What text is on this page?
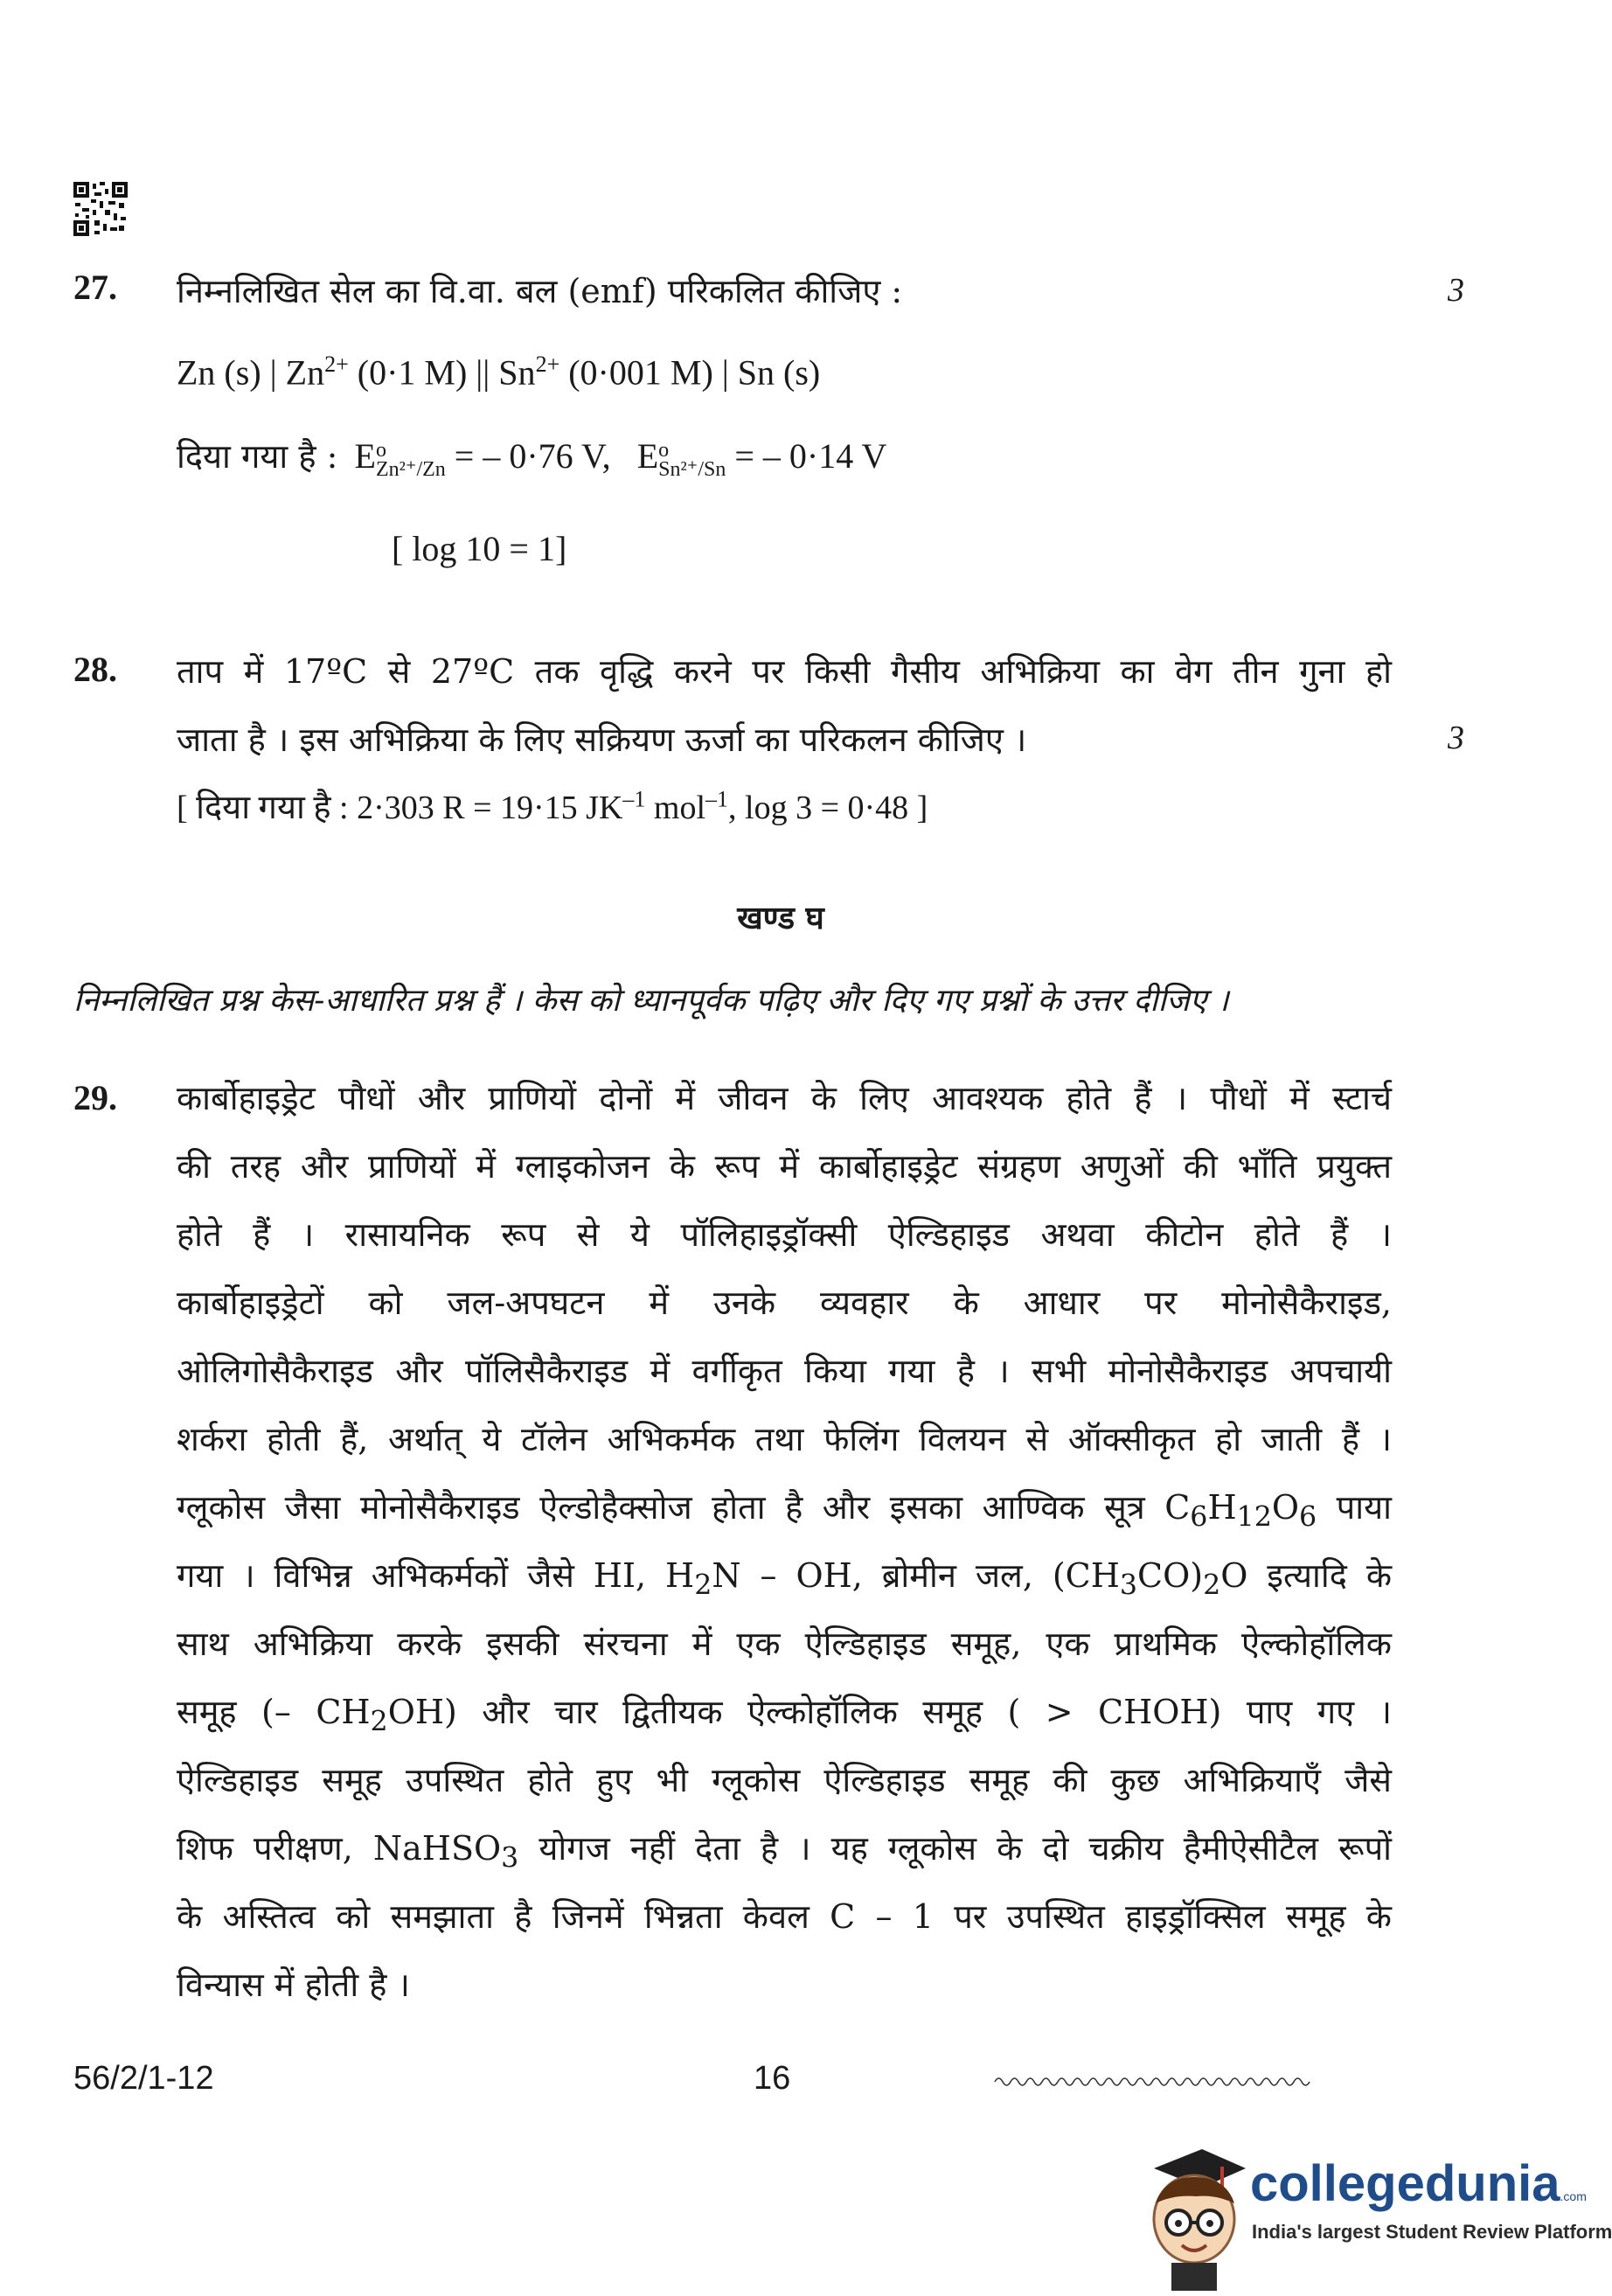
27. निम्नलिखित सेल का वि.वा. बल (emf) परिकलित कीजिए :	3
Zn (s) | $Zn^{2+}$ (0·1 M) || $Sn^{2+}$ (0·001 M) | Sn (s)
दिया गया है : E o
Zn²⁺/Zn = – 0·76 V, E o
Sn²⁺/Sn = – 0·14 V
[ log 10 = 1]
28. ताप में 17ºC से 27ºC तक वृद्धि करने पर किसी गैसीय अभिक्रिया का वेग तीन गुना हो
जाता है । इस अभिक्रिया के लिए सक्रियण ऊर्जा का परिकलन कीजिए ।	3
[ दिया गया है : 2·303 R = 19·15 $JK^{-1}$ mol$^{-1}$, log 3 = 0·48 ]
खण्ड घ
निम्नलिखित प्रश्न केस-आधारित प्रश्न हैं । केस को ध्यानपूर्वक पढ़िए और दिए गए प्रश्नों के उत्तर दीजिए ।
29. कार्बोहाइड्रेट पौधों और प्राणियों दोनों में जीवन के लिए आवश्यक होते हैं । पौधों में स्टार्च
की तरह और प्राणियों में ग्लाइकोजन के रूप में कार्बोहाइड्रेट संग्रहण अणुओं की भाँति प्रयुक्त
होते हैं । रासायनिक रूप से ये पॉलिहाइड्रॉक्सी ऐल्डिहाइड अथवा कीटोन होते हैं ।
कार्बोहाइड्रेटों को जल-अपघटन में उनके व्यवहार के आधार पर मोनोसैकैराइड,
ओलिगोसैकैराइड और पॉलिसैकैराइड में वर्गीकृत किया गया है । सभी मोनोसैकैराइड अपचायी
शर्करा होती हैं, अर्थात् ये टॉलेन अभिकर्मक तथा फेलिंग विलयन से ऑक्सीकृत हो जाती हैं ।
ग्लूकोस जैसा मोनोसैकैराइड ऐल्डोहैक्सोज होता है और इसका आण्विक सूत्र $C_6H_{12}O_6$ पाया
गया । विभिन्न अभिकर्मकों जैसे HI, $H_2N$ – OH, ब्रोमीन जल, $(CH_3CO)_2O$ इत्यादि के
साथ अभिक्रिया करके इसकी संरचना में एक ऐल्डिहाइड समूह, एक प्राथमिक ऐल्कोहॉलिक
समूह (– $CH_2OH$) और चार द्वितीयक ऐल्कोहॉलिक समूह ( > CHOH) पाए गए ।
ऐल्डिहाइड समूह उपस्थित होते हुए भी ग्लूकोस ऐल्डिहाइड समूह की कुछ अभिक्रियाएँ जैसे
शिफ परीक्षण, NaHSO$_3$ योगज नहीं देता है । यह ग्लूकोस के दो चक्रीय हैमीऐसीटैल रूपों
के अस्तित्व को समझाता है जिनमें भिन्नता केवल C – 1 पर उपस्थित हाइड्रॉक्सिल समूह के
विन्यास में होती है ।
56/2/1-12	16
collegedunia.com
India's largest Student Review Platform
